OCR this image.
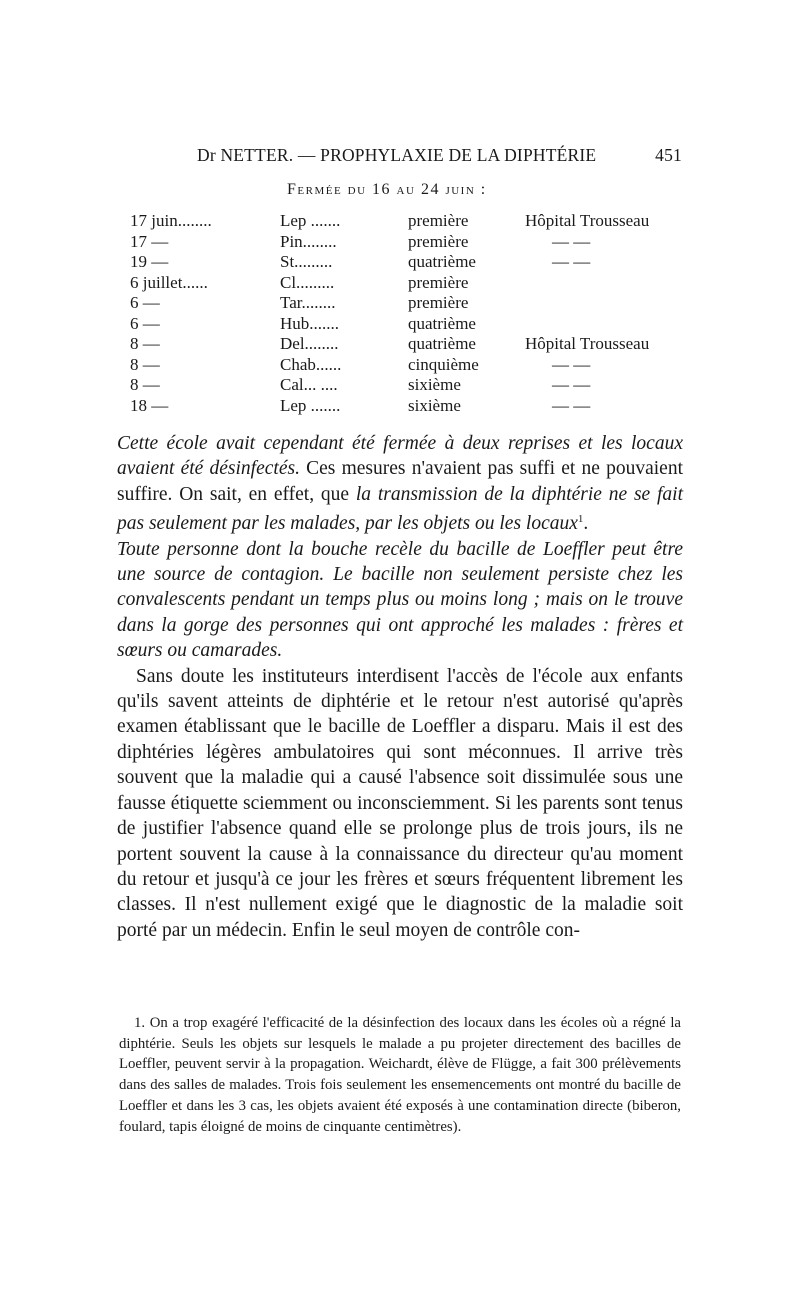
Dr NETTER. — PROPHYLAXIE DE LA DIPHTÉRIE	451
Fermée du 16 au 24 juin :
17 juin........	Lep .......	première	Hôpital Trousseau
17 —	Pin........	première	— —
19 —	St.........	quatrième	— —
6 juillet......	Cl.........	première
6 —	Tar........	première
6 —	Hub.......	quatrième
8 —	Del........	quatrième	Hôpital Trousseau
8 —	Chab......	cinquième	— —
8 —	Cal... ....	sixième	— —
18 —	Lep .......	sixième	— —

Cette école avait cependant été fermée à deux reprises et les locaux avaient été désinfectés. Ces mesures n'avaient pas suffi et ne pouvaient suffire. On sait, en effet, que la transmission de la diphtérie ne se fait pas seulement par les malades, par les objets ou les locaux$^1$.

Toute personne dont la bouche recèle du bacille de Loeffler peut être une source de contagion. Le bacille non seulement persiste chez les convalescents pendant un temps plus ou moins long ; mais on le trouve dans la gorge des personnes qui ont approché les malades : frères et sœurs ou camarades.

Sans doute les instituteurs interdisent l'accès de l'école aux enfants qu'ils savent atteints de diphtérie et le retour n'est autorisé qu'après examen établissant que le bacille de Loeffler a disparu. Mais il est des diphtéries légères ambulatoires qui sont méconnues. Il arrive très souvent que la maladie qui a causé l'absence soit dissimulée sous une fausse étiquette sciemment ou inconsciemment. Si les parents sont tenus de justifier l'absence quand elle se prolonge plus de trois jours, ils ne portent souvent la cause à la connaissance du directeur qu'au moment du retour et jusqu'à ce jour les frères et sœurs fréquentent librement les classes. Il n'est nullement exigé que le diagnostic de la maladie soit porté par un médecin. Enfin le seul moyen de contrôle con-

1. On a trop exagéré l'efficacité de la désinfection des locaux dans les écoles où a régné la diphtérie. Seuls les objets sur lesquels le malade a pu projeter directement des bacilles de Loeffler, peuvent servir à la propagation. Weichardt, élève de Flügge, a fait 300 prélèvements dans des salles de malades. Trois fois seulement les ensemencements ont montré du bacille de Loeffler et dans les 3 cas, les objets avaient été exposés à une contamination directe (biberon, foulard, tapis éloigné de moins de cinquante centimètres).
